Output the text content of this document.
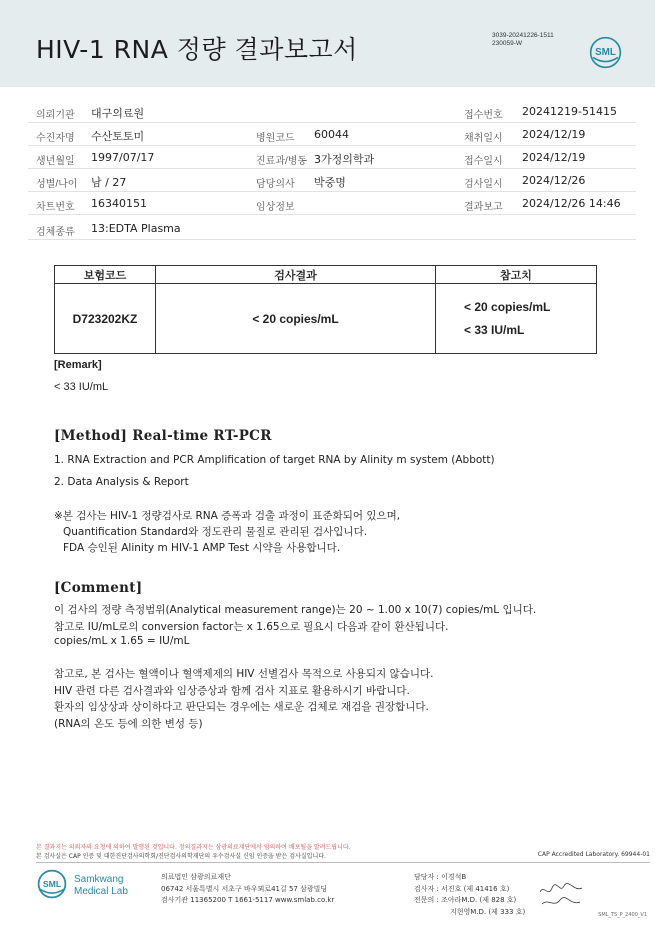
HIV-1 RNA 정량 결과보고서	3039-20241226-1511
230059-W
SML
의뢰기관 대구의료원	접수번호 20241219-51415
수진자명 수산토토미	병원코드 60044	채취일시 2024/12/19
생년월일 1997/07/17	진료과/병동 3가정의학과	접수일시 2024/12/19
성별/나이 남 / 27	담당의사 박중명	검사일시 2024/12/26
차트번호 16340151	임상정보	결과보고 2024/12/26 14:46
검체종류 13:EDTA Plasma
보험코드	검사결과	참고치
D723202KZ	< 20 copies/mL	< 20 copies/mL
< 33 IU/mL
[Remark]
< 33 IU/mL
[Method] Real-time RT-PCR
1. RNA Extraction and PCR Amplification of target RNA by Alinity m system (Abbott)
2. Data Analysis & Report
※본 검사는 HIV-1 정량검사로 RNA 증폭과 검출 과정이 표준화되어 있으며,
Quantification Standard와 정도관리 물질로 관리된 검사입니다.
FDA 승인된 Alinity m HIV-1 AMP Test 시약을 사용합니다.
[Comment]
이 검사의 정량 측정범위(Analytical measurement range)는 20 ~ 1.00 x 10(7) copies/mL 입니다.
참고로 IU/mL로의 conversion factor는 x 1.65으로 필요시 다음과 같이 환산됩니다.
copies/mL x 1.65 = IU/mL
참고로, 본 검사는 혈액이나 혈액제제의 HIV 선별검사 목적으로 사용되지 않습니다.
HIV 관련 다른 검사결과와 임상증상과 함께 검사 지표로 활용하시기 바랍니다.
환자의 임상상과 상이하다고 판단되는 경우에는 새로운 검체로 재검을 권장합니다.
(RNA의 온도 등에 의한 변성 등)
본 결과지는 의뢰자의 요청에 의하여 발행된 것입니다. 정의결과지는 삼광의료재단에서 임의하여 배포될을 알려드립니다.
본 검사실은 CAP 인증 및 대한진단검사의학회/진단검사의학재단의 우수검사실 신임 인증을 받은 검사실입니다.	CAP Accredited Laboratory. 69944-01
SML Samkwang
Medical Lab
의료법인 삼광의료재단
06742 서울특별시 서초구 바우뫼로41길 57 삼광빌딩
검사기관 11365200 T 1661-5117 www.smlab.co.kr
담당자 : 이경석B
검사자 : 서진호 (제 41416 호)
전문의 : 조아라M.D. (제 828 호)
지현영M.D. (제 333 호)	SML_TS_P_2400_V1
